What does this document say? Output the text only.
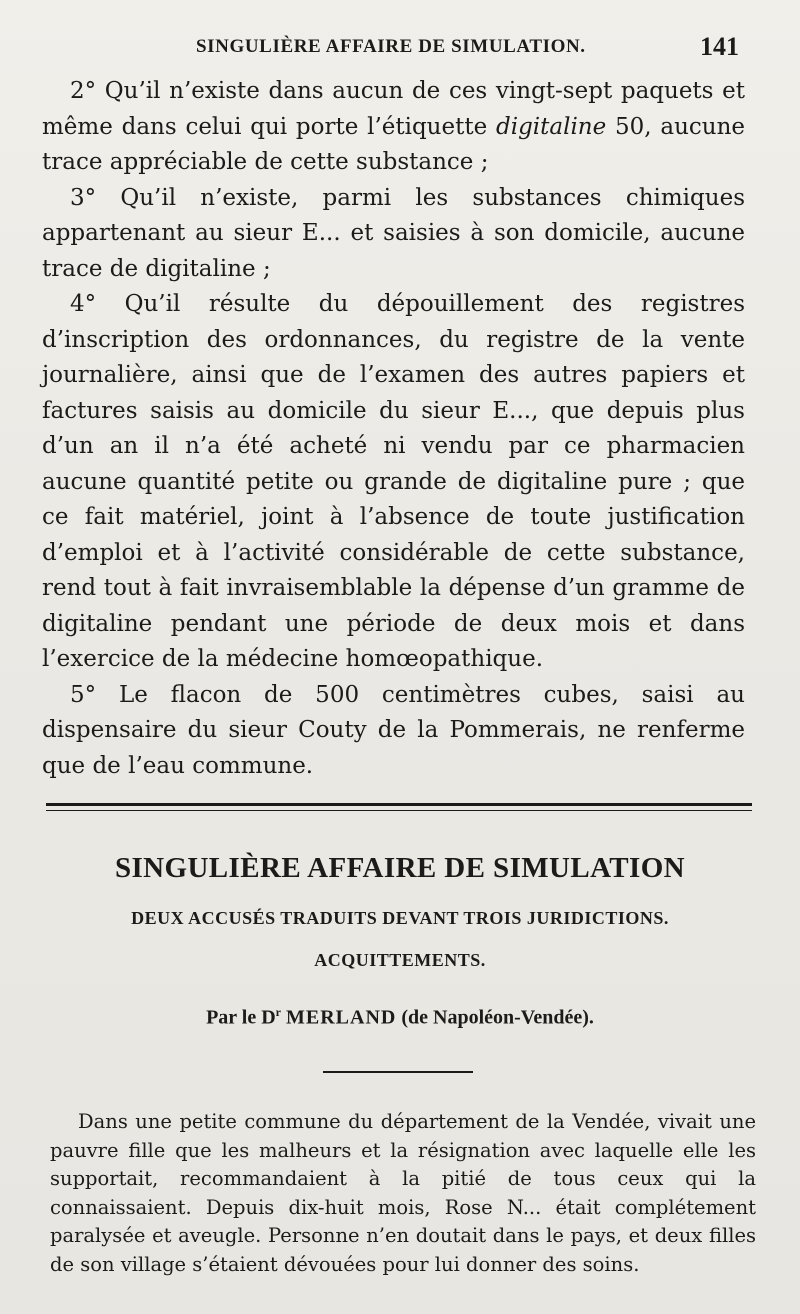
SINGULIÈRE AFFAIRE DE SIMULATION.	141

2° Qu’il n’existe dans aucun de ces vingt-sept paquets et même dans celui qui porte l’étiquette digitaline 50, aucune trace appréciable de cette substance ;

3° Qu’il n’existe, parmi les substances chimiques appartenant au sieur E... et saisies à son domicile, aucune trace de digitaline ;

4° Qu’il résulte du dépouillement des registres d’inscription des ordonnances, du registre de la vente journalière, ainsi que de l’examen des autres papiers et factures saisis au domicile du sieur E..., que depuis plus d’un an il n’a été acheté ni vendu par ce pharmacien aucune quantité petite ou grande de digitaline pure ; que ce fait matériel, joint à l’absence de toute justification d’emploi et à l’activité considérable de cette substance, rend tout à fait invraisemblable la dépense d’un gramme de digitaline pendant une période de deux mois et dans l’exercice de la médecine homœopathique.

5° Le flacon de 500 centimètres cubes, saisi au dispensaire du sieur Couty de la Pommerais, ne renferme que de l’eau commune.

SINGULIÈRE AFFAIRE DE SIMULATION
DEUX ACCUSÉS TRADUITS DEVANT TROIS JURIDICTIONS.
ACQUITTEMENTS.
Par le $D^r$ MERLAND (de Napoléon-Vendée).

Dans une petite commune du département de la Vendée, vivait une pauvre fille que les malheurs et la résignation avec laquelle elle les supportait, recommandaient à la pitié de tous ceux qui la connaissaient. Depuis dix-huit mois, Rose N... était complétement paralysée et aveugle. Personne n’en doutait dans le pays, et deux filles de son village s’étaient dévouées pour lui donner des soins.
